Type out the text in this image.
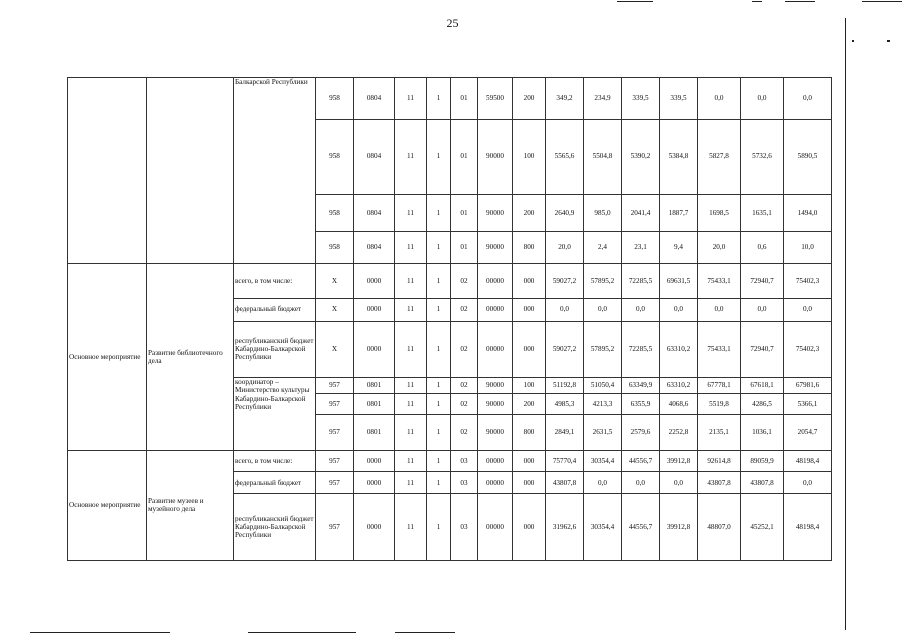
25
		Балкарской Республики	958	0804	11	1	01	59500	200	349,2	234,9	339,5	339,5	0,0	0,0	0,0
			958	0804	11	1	01	90000	100	5565,6	5504,8	5390,2	5384,8	5827,8	5732,6	5890,5
			958	0804	11	1	01	90000	200	2640,9	985,0	2041,4	1887,7	1698,5	1635,1	1494,0
			958	0804	11	1	01	90000	800	20,0	2,4	23,1	9,4	20,0	0,6	10,0
Основное мероприятие	Развитие библиотечного дела	всего, в том числе:	Х	0000	11	1	02	00000	000	59027,2	57895,2	72285,5	69631,5	75433,1	72940,7	75402,3
		федеральный бюджет	Х	0000	11	1	02	00000	000	0,0	0,0	0,0	0,0	0,0	0,0	0,0
		республиканский бюджет Кабардино-Балкарской Республики	Х	0000	11	1	02	00000	000	59027,2	57895,2	72285,5	63310,2	75433,1	72940,7	75402,3
		координатор – Министерство культуры Кабардино-Балкарской Республики	957	0801	11	1	02	90000	100	51192,8	51050,4	63349,9	63310,2	67778,1	67618,1	67981,6
			957	0801	11	1	02	90000	200	4985,3	4213,3	6355,9	4068,6	5519,8	4286,5	5366,1
			957	0801	11	1	02	90000	800	2849,1	2631,5	2579,6	2252,8	2135,1	1036,1	2054,7
Основное мероприятие	Развитие музеев и музейного дела	всего, в том числе:	957	0000	11	1	03	00000	000	75770,4	30354,4	44556,7	39912,8	92614,8	89059,9	48198,4
		федеральный бюджет	957	0000	11	1	03	00000	000	43807,8	0,0	0,0	0,0	43807,8	43807,8	0,0
		республиканский бюджет Кабардино-Балкарской Республики	957	0000	11	1	03	00000	000	31962,6	30354,4	44556,7	39912,8	48807,0	45252,1	48198,4
